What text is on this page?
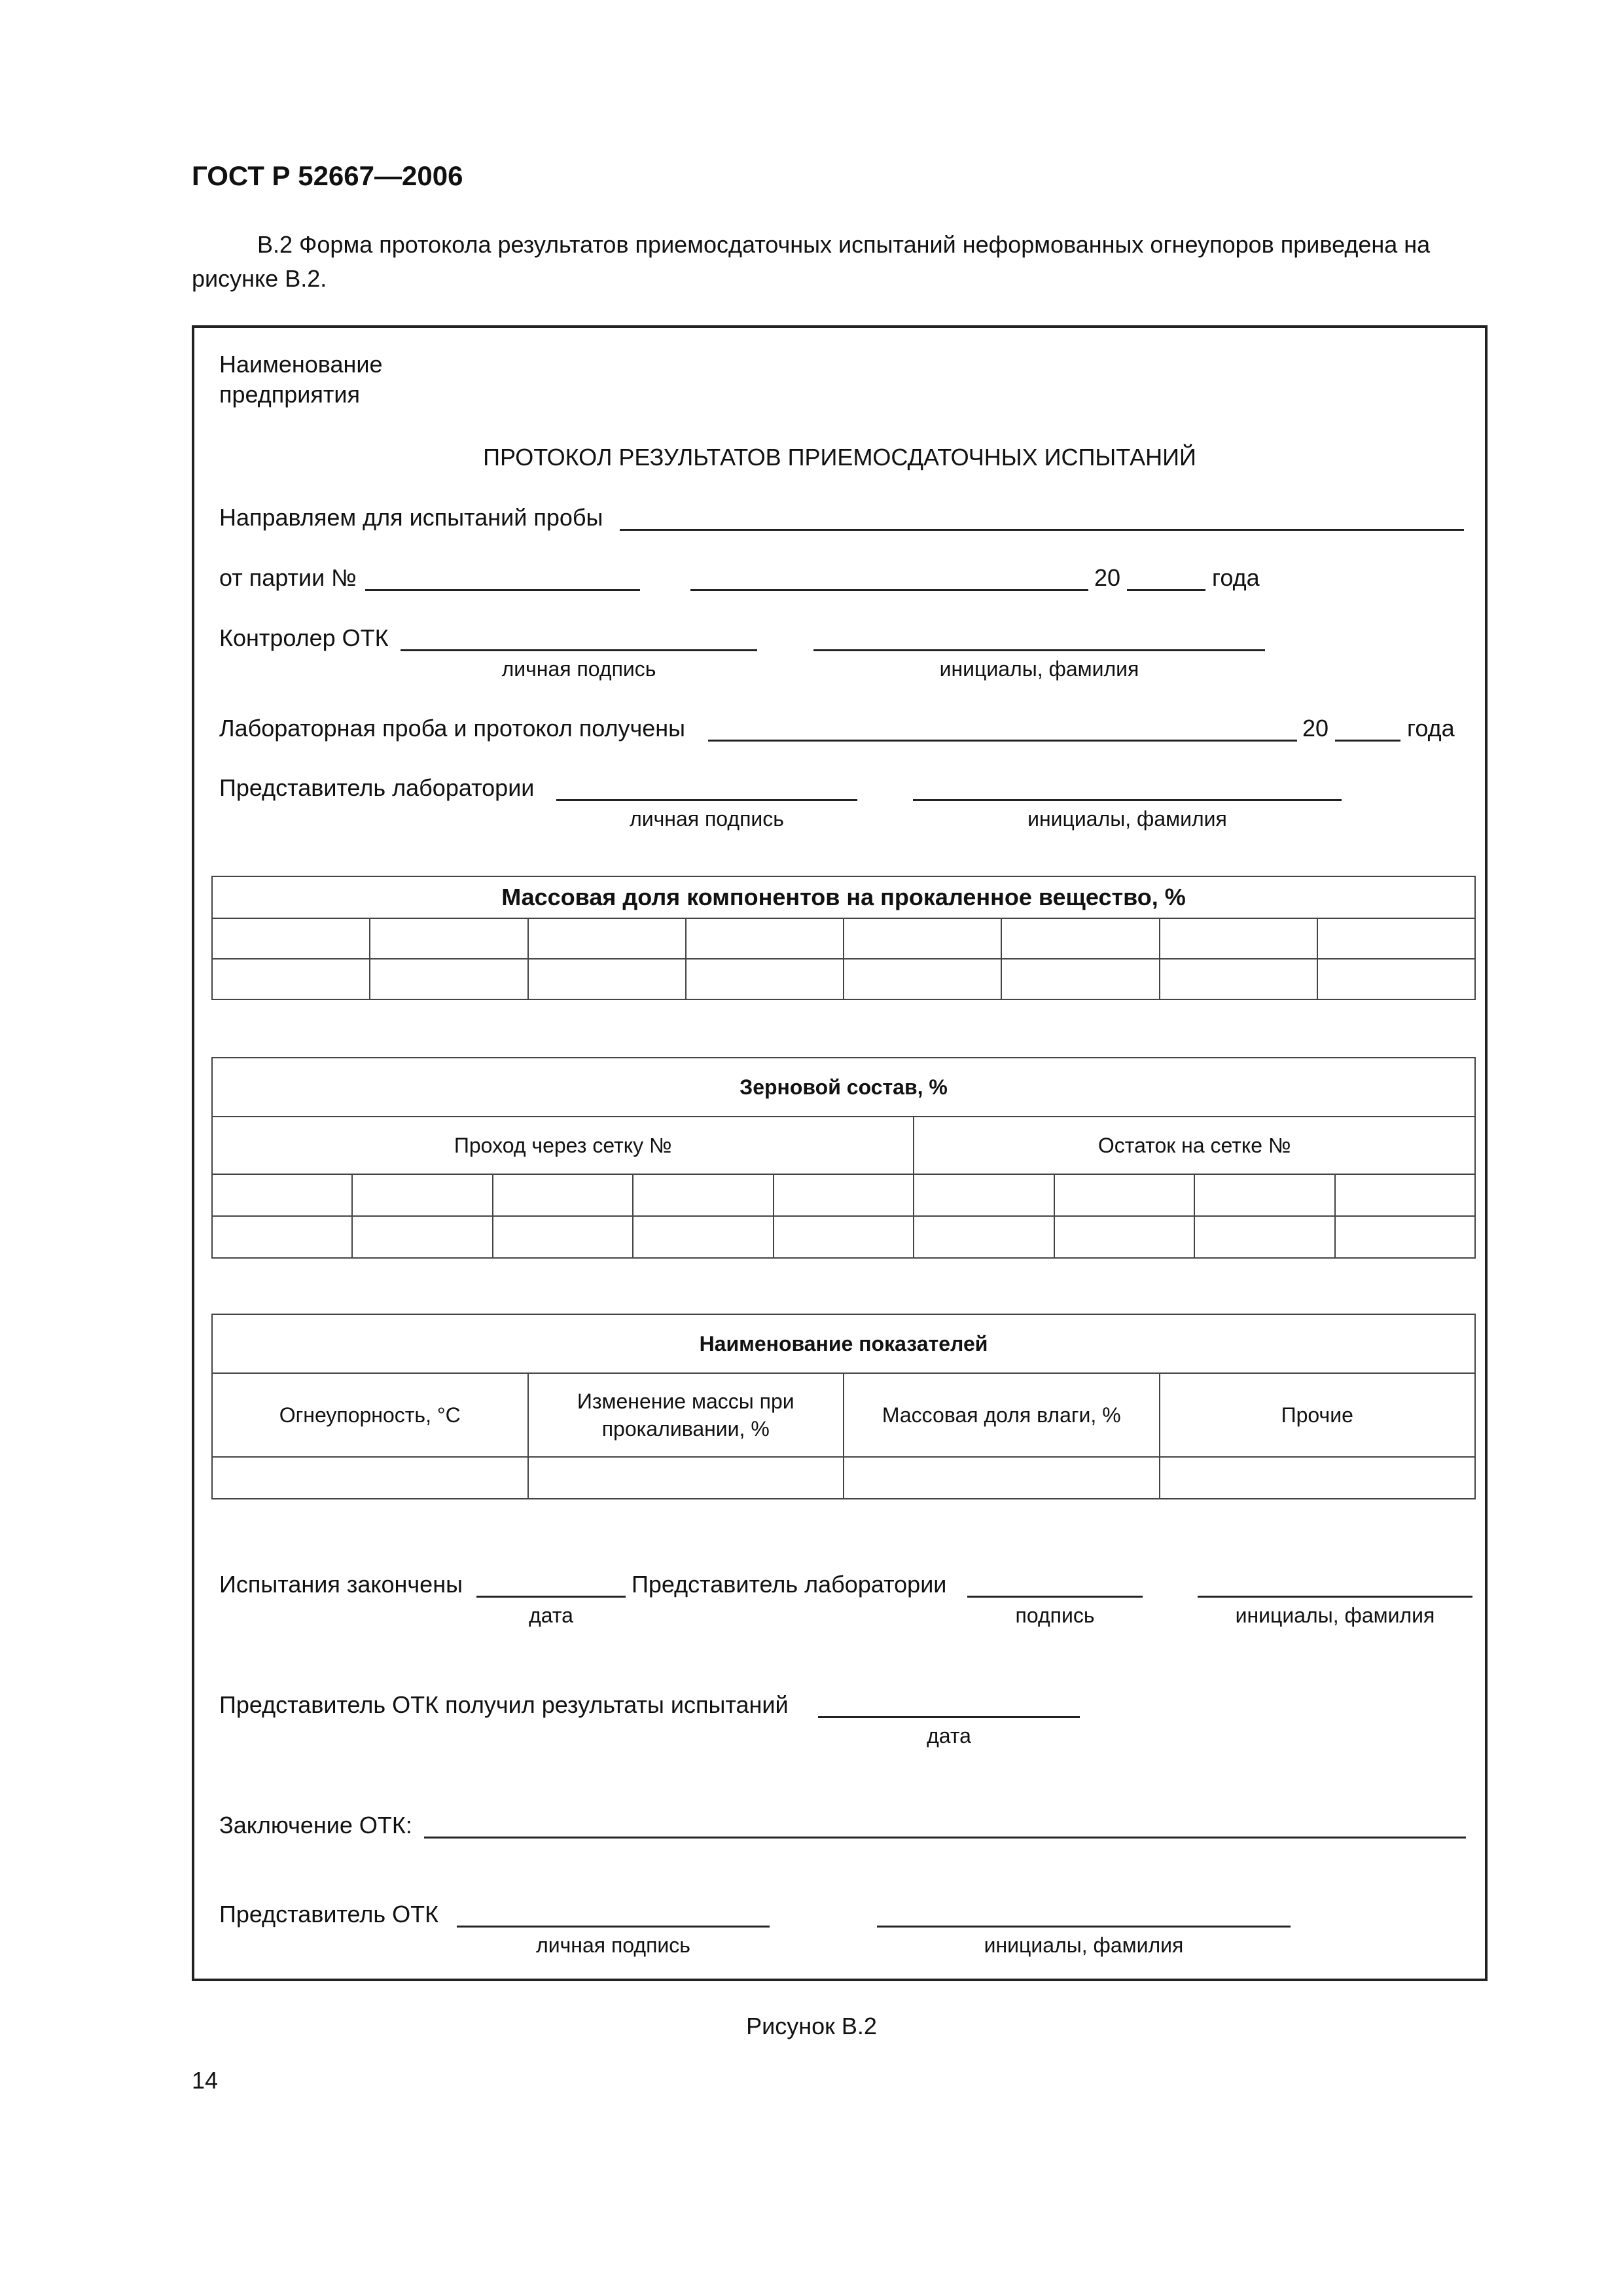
ГОСТ Р 52667—2006
В.2 Форма протокола результатов приемосдаточных испытаний неформованных огнеупоров приведена на рисунке В.2.
Наименование
предприятия
ПРОТОКОЛ РЕЗУЛЬТАТОВ ПРИЕМОСДАТОЧНЫХ ИСПЫТАНИЙ
Направляем для испытаний пробы
от партии №	20	года
Контролер ОТК
личная подпись	инициалы, фамилия
Лабораторная проба и протокол получены	20	года
Представитель лаборатории
личная подпись	инициалы, фамилия
Массовая доля компонентов на прокаленное вещество, %							

Зерновой состав, %								
Проход через сетку №					Остаток на сетке №			

Наименование показателей			
Огнеупорность, °С	Изменение массы при прокаливании, %	Массовая доля влаги, %	Прочие

Испытания закончены	Представитель лаборатории
дата	подпись	инициалы, фамилия
Представитель ОТК получил результаты испытаний
дата
Заключение ОТК:
Представитель ОТК
личная подпись	инициалы, фамилия
Рисунок В.2
14
